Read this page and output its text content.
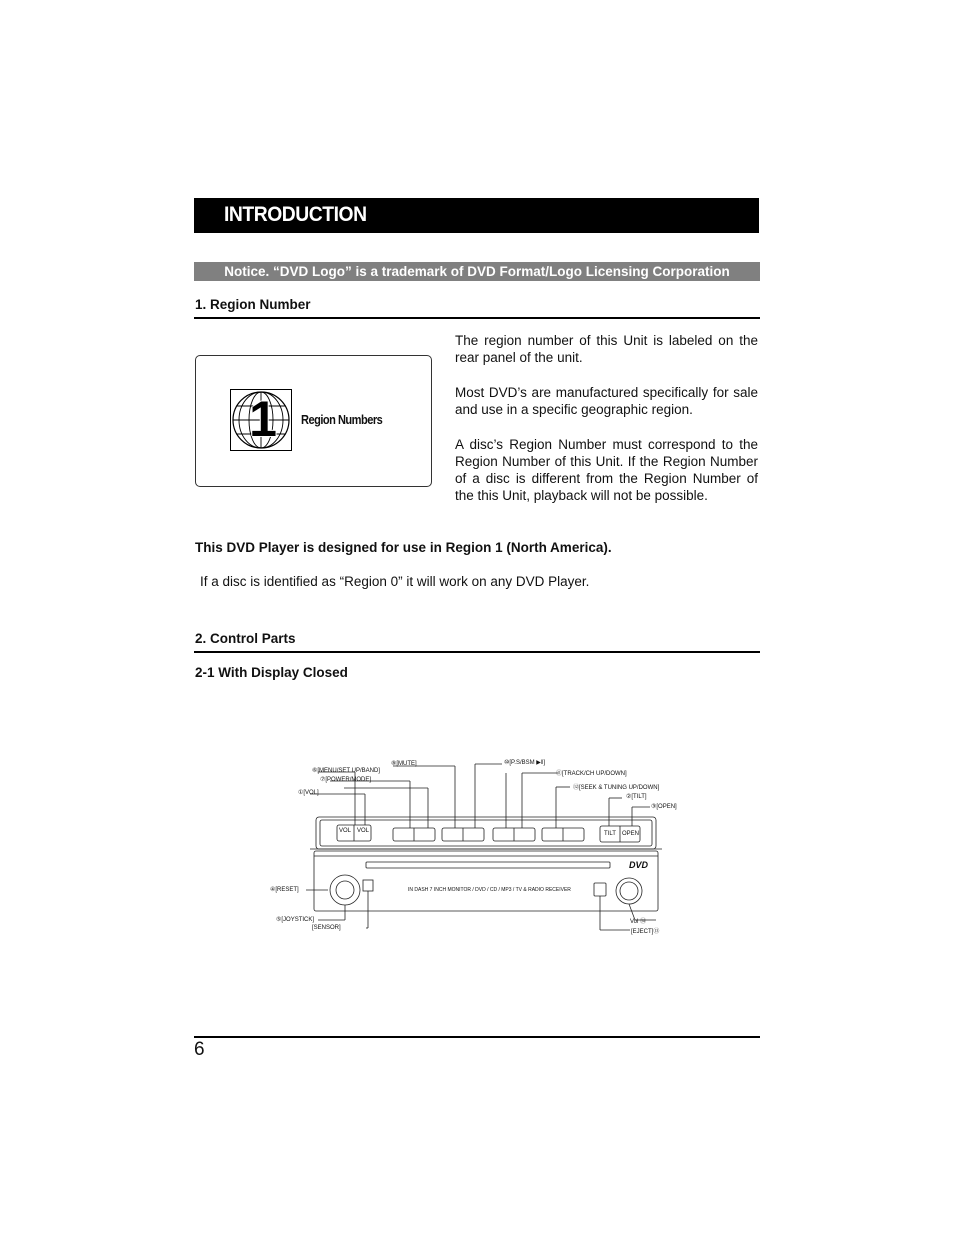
INTRODUCTION
Notice. “DVD Logo” is a trademark of DVD Format/Logo Licensing Corporation
1. Region Number
1 Region Numbers
The region number of this Unit is labeled on the rear panel of the unit.
Most DVD’s are manufactured specifically for sale and use in a specific geographic region.
A disc’s Region Number must correspond to the Region Number of this Unit. If the Region Number of a disc is different from the Region Number of the this Unit, playback will not be possible.
This DVD Player is designed for use in Region 1 (North America).
If a disc is identified as “Region 0” it will work on any DVD Player.
2. Control Parts
2-1 With Display Closed
⑥[MENU/SET UP/BAND]
⑦[POWER/MODE]
①[VOL]
⑧[MUTE]	⑩[P.S/BSM ▶‖]
⑪[TRACK/CH UP/DOWN]
⑫[SEEK & TUNING UP/DOWN]
②[TILT]
③[OPEN]
④[RESET]
⑤[JOYSTICK]
[SENSOR]
Vol ⑭
[EJECT]⑬
VOL VOL	TILT OPEN
IN DASH 7 INCH MONITOR / DVD / CD / MP3 / TV & RADIO RECEIVER
DVD
6
